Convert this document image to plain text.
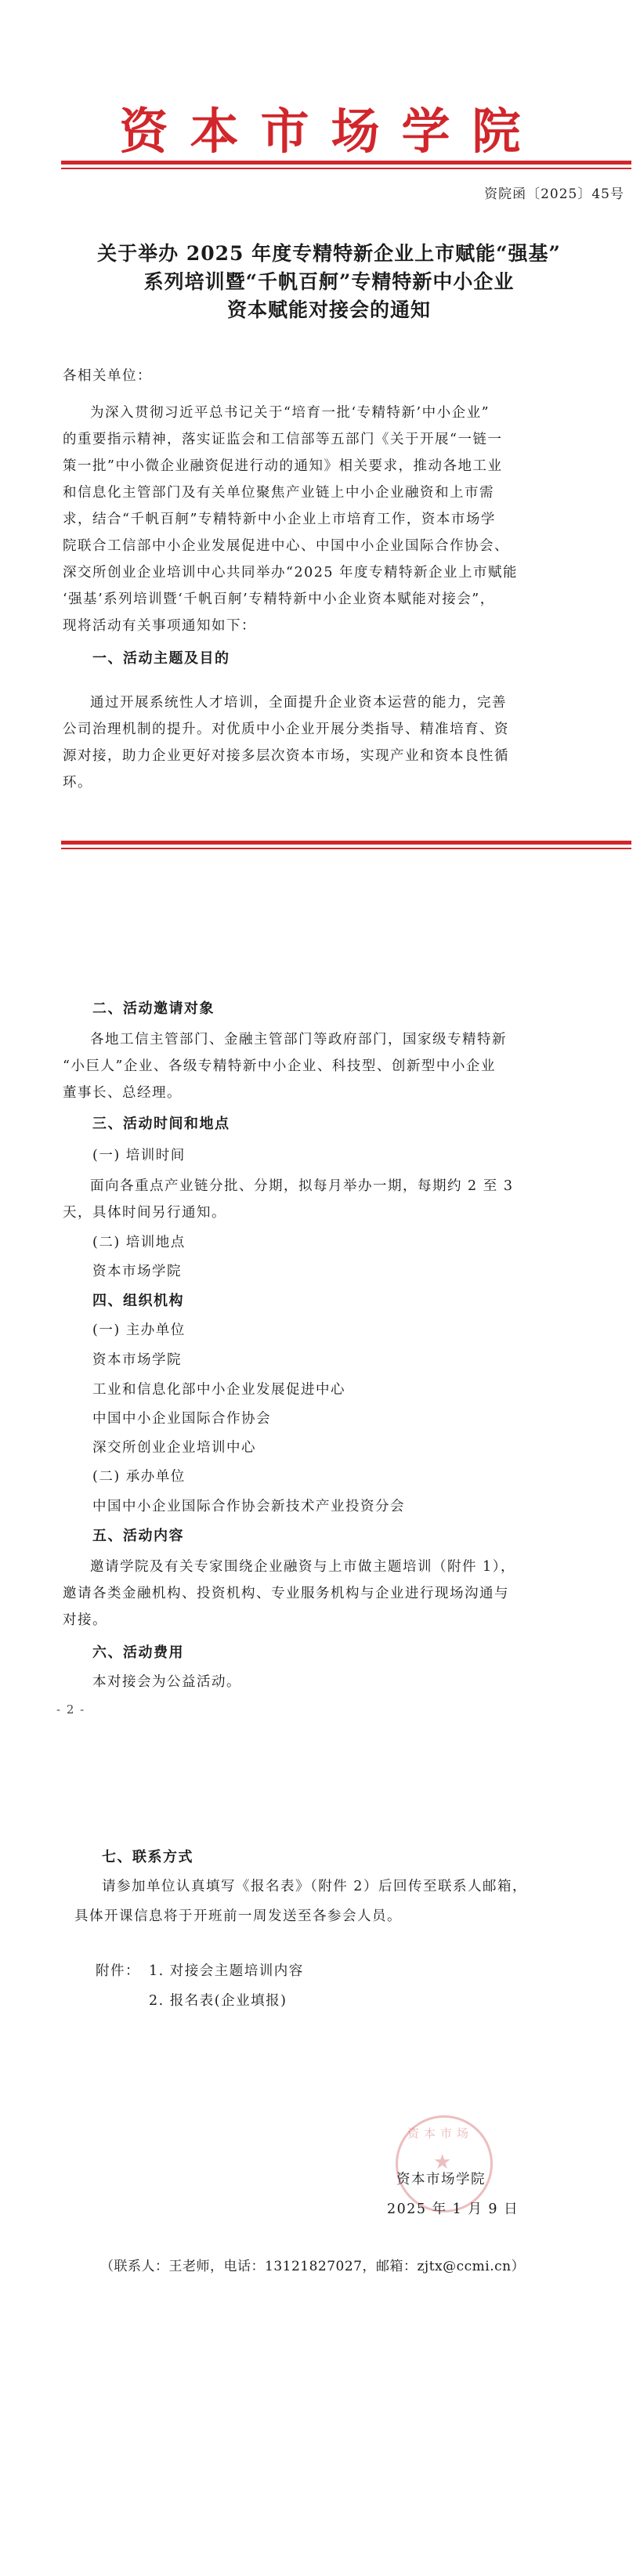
资本市场学院
资院函〔2025〕45号
关于举办 2025 年度专精特新企业上市赋能“强基”
系列培训暨“千帆百舸”专精特新中小企业
资本赋能对接会的通知
各相关单位：
为深入贯彻习近平总书记关于“培育一批‘专精特新’中小企业”
的重要指示精神，落实证监会和工信部等五部门《关于开展“一链一
策一批”中小微企业融资促进行动的通知》相关要求，推动各地工业
和信息化主管部门及有关单位聚焦产业链上中小企业融资和上市需
求，结合“千帆百舸”专精特新中小企业上市培育工作，资本市场学
院联合工信部中小企业发展促进中心、中国中小企业国际合作协会、
深交所创业企业培训中心共同举办“2025 年度专精特新企业上市赋能
‘强基’系列培训暨‘千帆百舸’专精特新中小企业资本赋能对接会”，
现将活动有关事项通知如下：
一、活动主题及目的
通过开展系统性人才培训，全面提升企业资本运营的能力，完善
公司治理机制的提升。对优质中小企业开展分类指导、精准培育、资
源对接，助力企业更好对接多层次资本市场，实现产业和资本良性循
环。
二、活动邀请对象
各地工信主管部门、金融主管部门等政府部门，国家级专精特新
“小巨人”企业、各级专精特新中小企业、科技型、创新型中小企业
董事长、总经理。
三、活动时间和地点
(一) 培训时间
面向各重点产业链分批、分期，拟每月举办一期，每期约 2 至 3
天，具体时间另行通知。
(二) 培训地点
资本市场学院
四、组织机构
(一) 主办单位
资本市场学院
工业和信息化部中小企业发展促进中心
中国中小企业国际合作协会
深交所创业企业培训中心
(二) 承办单位
中国中小企业国际合作协会新技术产业投资分会
五、活动内容
邀请学院及有关专家围绕企业融资与上市做主题培训（附件 1），
邀请各类金融机构、投资机构、专业服务机构与企业进行现场沟通与
对接。
六、活动费用
本对接会为公益活动。
- 2 -
七、联系方式
请参加单位认真填写《报名表》（附件 2）后回传至联系人邮箱，
具体开课信息将于开班前一周发送至各参会人员。
附件： 1. 对接会主题培训内容
2. 报名表(企业填报)
资本市场
★
资本市场学院
2025 年 1 月 9 日
（联系人：王老师，电话：13121827027，邮箱：zjtx@ccmi.cn）
